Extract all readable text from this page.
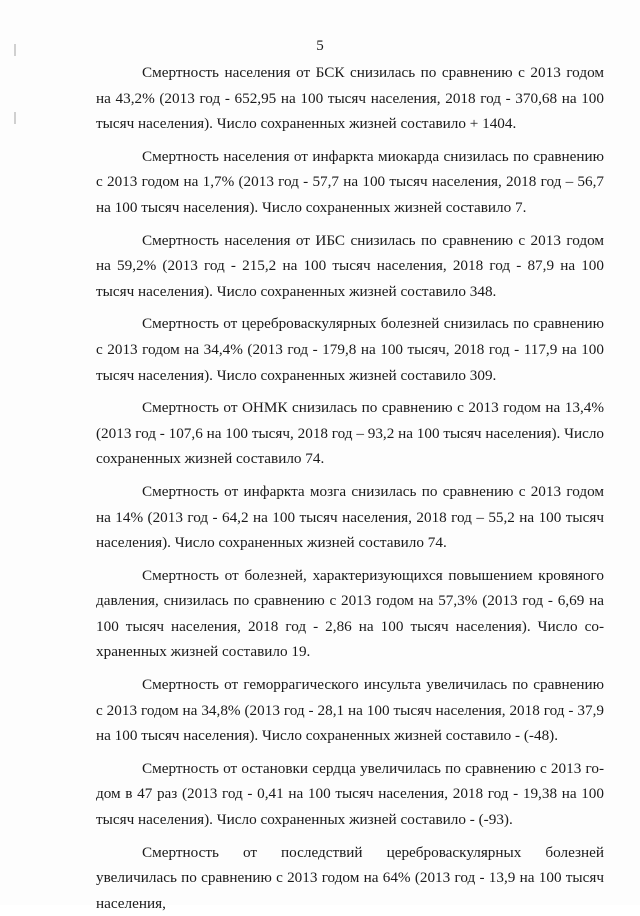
5

Смертность населения от БСК снизилась по сравнению с 2013 годом на 43,2% (2013 год - 652,95 на 100 тысяч населения, 2018 год - 370,68 на 100 тысяч населения). Число сохраненных жизней составило + 1404.

Смертность населения от инфаркта миокарда снизилась по сравнению с 2013 годом на 1,7% (2013 год - 57,7 на 100 тысяч населения, 2018 год – 56,7 на 100 тысяч населения). Число сохраненных жизней составило 7.

Смертность населения от ИБС снизилась по сравнению с 2013 годом на 59,2% (2013 год - 215,2 на 100 тысяч населения, 2018 год - 87,9 на 100 тысяч населения). Число сохраненных жизней составило 348.

Смертность от цереброваскулярных болезней снизилась по сравнению с 2013 годом на 34,4% (2013 год - 179,8 на 100 тысяч, 2018 год - 117,9 на 100 тысяч населения). Число сохраненных жизней составило 309.

Смертность от ОНМК снизилась по сравнению с 2013 годом на 13,4% (2013 год - 107,6 на 100 тысяч, 2018 год – 93,2 на 100 тысяч населения). Число сохраненных жизней составило 74.

Смертность от инфаркта мозга снизилась по сравнению с 2013 годом на 14% (2013 год - 64,2 на 100 тысяч населения, 2018 год – 55,2 на 100 тысяч населения). Число сохраненных жизней составило 74.

Смертность от болезней, характеризующихся повышением кровяного давления, снизилась по сравнению с 2013 годом на 57,3% (2013 год - 6,69 на 100 тысяч населения, 2018 год - 2,86 на 100 тысяч населения). Число сохраненных жизней составило 19.

Смертность от геморрагического инсульта увеличилась по сравнению с 2013 годом на 34,8% (2013 год - 28,1 на 100 тысяч населения, 2018 год - 37,9 на 100 тысяч населения). Число сохраненных жизней составило - (-48).

Смертность от остановки сердца увеличилась по сравнению с 2013 годом в 47 раз (2013 год - 0,41 на 100 тысяч населения, 2018 год - 19,38 на 100 тысяч населения). Число сохраненных жизней составило - (-93).

Смертность от последствий цереброваскулярных болезней увеличилась по сравнению с 2013 годом на 64% (2013 год - 13,9 на 100 тысяч населения,
